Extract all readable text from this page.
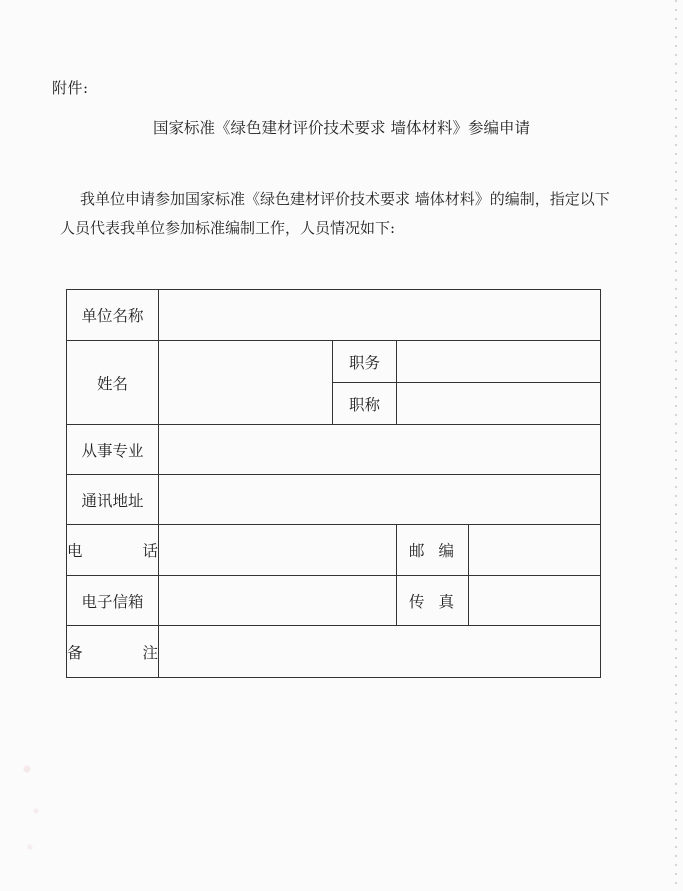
附件:
国家标准《绿色建材评价技术要求 墙体材料》参编申请
我单位申请参加国家标准《绿色建材评价技术要求 墙体材料》的编制，指定以下人员代表我单位参加标准编制工作，人员情况如下:
单位名称				
姓名		职务		
		职称		
从事专业				
通讯地址				
电 话			邮 编	
电子信箱			传 真	
备 注				
